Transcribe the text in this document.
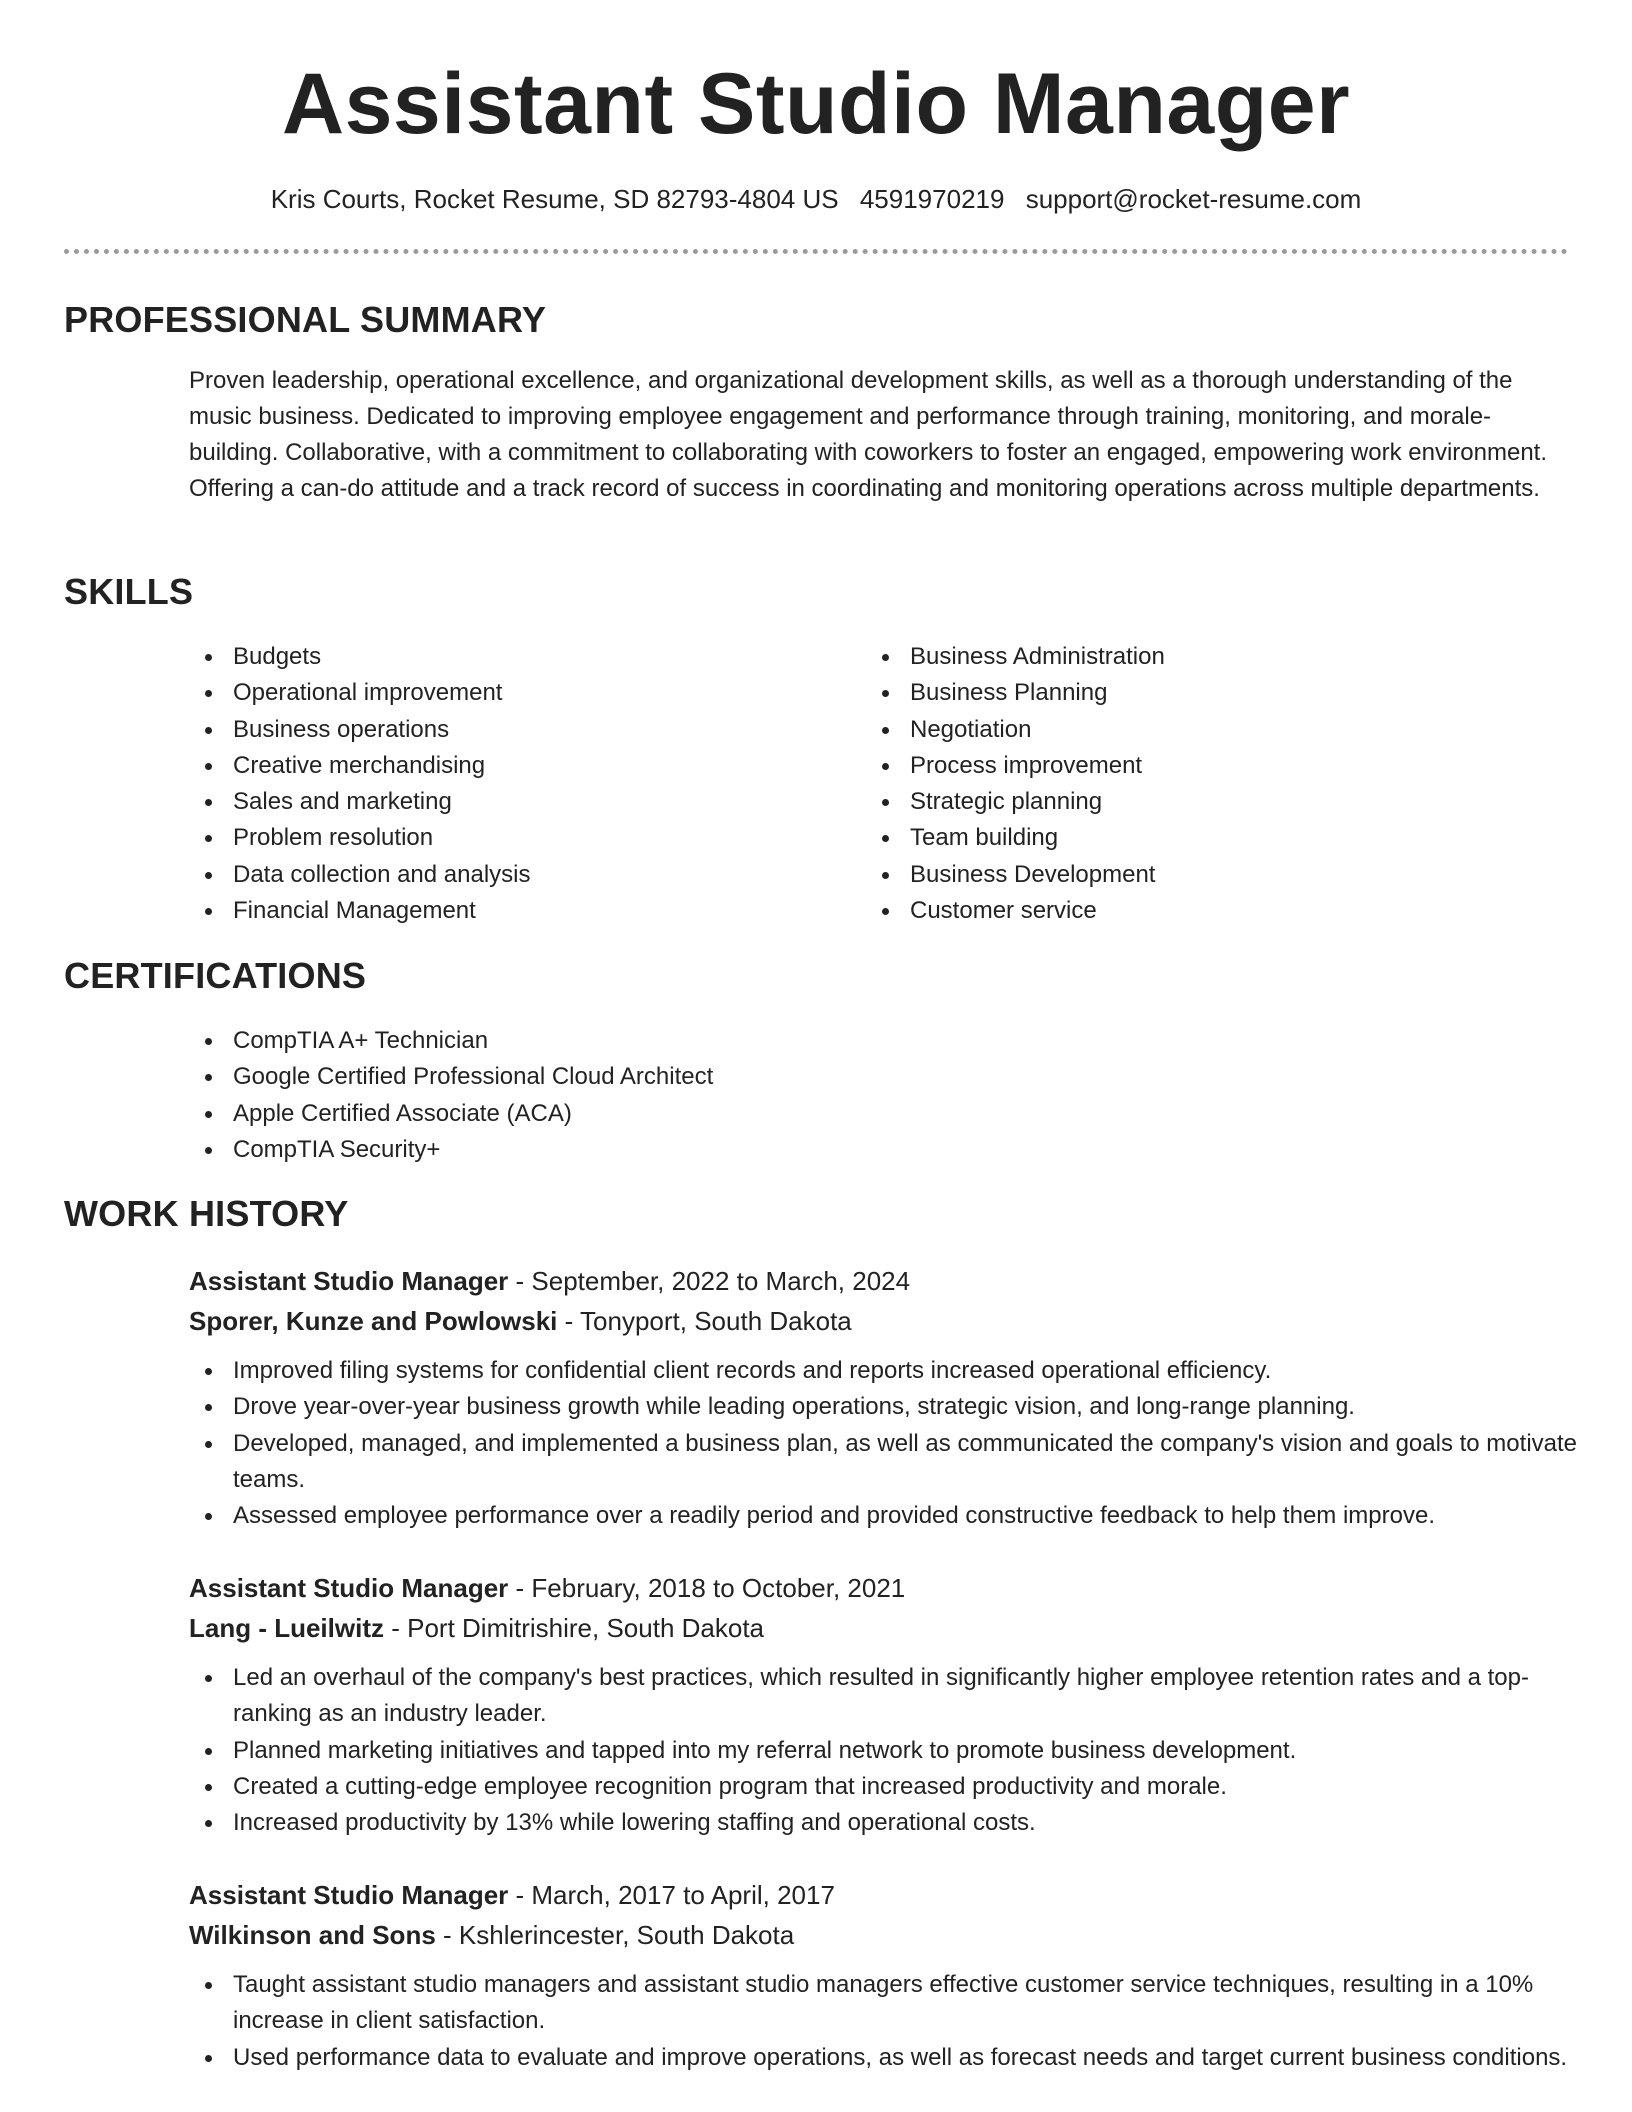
Assistant Studio Manager
Kris Courts, Rocket Resume, SD 82793-4804 US 4591970219 support@rocket-resume.com
PROFESSIONAL SUMMARY

Proven leadership, operational excellence, and organizational development skills, as well as a thorough understanding of the music business. Dedicated to improving employee engagement and performance through training, monitoring, and morale-building. Collaborative, with a commitment to collaborating with coworkers to foster an engaged, empowering work environment. Offering a can-do attitude and a track record of success in coordinating and monitoring operations across multiple departments.

SKILLS
Budgets
Operational improvement
Business operations
Creative merchandising
Sales and marketing
Problem resolution
Data collection and analysis
Financial Management
Business Administration
Business Planning
Negotiation
Process improvement
Strategic planning
Team building
Business Development
Customer service
CERTIFICATIONS
CompTIA A+ Technician
Google Certified Professional Cloud Architect
Apple Certified Associate (ACA)
CompTIA Security+
WORK HISTORY
Assistant Studio Manager - September, 2022 to March, 2024
Sporer, Kunze and Powlowski - Tonyport, South Dakota
Improved filing systems for confidential client records and reports increased operational efficiency.
Drove year-over-year business growth while leading operations, strategic vision, and long-range planning.
Developed, managed, and implemented a business plan, as well as communicated the company's vision and goals to motivate teams.
Assessed employee performance over a readily period and provided constructive feedback to help them improve.
Assistant Studio Manager - February, 2018 to October, 2021
Lang - Lueilwitz - Port Dimitrishire, South Dakota
Led an overhaul of the company's best practices, which resulted in significantly higher employee retention rates and a top-ranking as an industry leader.
Planned marketing initiatives and tapped into my referral network to promote business development.
Created a cutting-edge employee recognition program that increased productivity and morale.
Increased productivity by 13% while lowering staffing and operational costs.
Assistant Studio Manager - March, 2017 to April, 2017
Wilkinson and Sons - Kshlerincester, South Dakota
Taught assistant studio managers and assistant studio managers effective customer service techniques, resulting in a 10% increase in client satisfaction.
Used performance data to evaluate and improve operations, as well as forecast needs and target current business conditions.
